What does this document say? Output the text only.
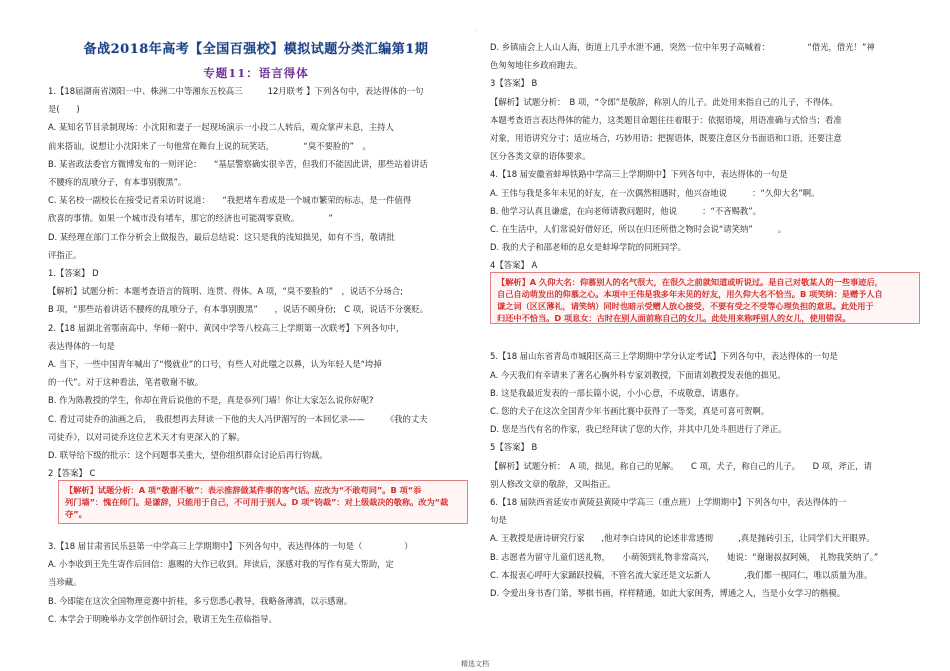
·
备战2018年高考【全国百强校】模拟试题分类汇编第1期
专题11：语言得体
1.【18届湖南省浏阳一中、株洲二中等湘东五校高三　　　12月联考 】下列各句中，表达得体的一句
是(　　)
A. 某知名节目录制现场：小沈阳和妻子一起现场演示一小段二人转后，观众掌声未息，主持人
前来搭讪，说想让小沈阳来了一句他常在舞台上说的玩笑话，　　　　“臭不要脸的”　。
B. 某省政法委官方微博发布的一则评论：　　“基层警察确实很辛苦，但我们不能因此讲，那些站着讲话
不腰疼的乱喷分子，有本事别腹黑”。
C. 某名校一副校长在接受记者采访时说道：　　“我把堵车看成是一个城市繁荣的标志，是一件值得
欣喜的事情。如果一个城市没有堵车，那它的经济也可能凋零衰败。　　　　”
D. 某经理在部门工作分析会上做报告，最后总结说：这只是我的浅知拙见，如有不当，敬请批
评指正。
1.【答案】 D
【解析】试题分析：本题考查语言的简明、连贯、得体。A 项，“臭不要脸的”　，说话不分场合;
B 项，“那些站着讲话不腰疼的乱喷分子，有本事别腹黑”　　，说话不顾身份;　C 项，说话不分褒贬。
2.【18 届湖北省鄂南高中、华师一附中、黄冈中学等八校高三上学期第一次联考】下列各句中，
表达得体的一句是
A. 当下，一些中国青年喊出了“慢就业”的口号，有些人对此嗤之以鼻，认为年轻人是“垮掉
的一代”。对于这种看法，笔者敬谢不敏。
B. 作为陈教授的学生，你却在背后说他的不是，真是忝列门墙！你让大家怎么说你好呢?
C. 看过司徒乔的油画之后，　我很想再去拜读一下他的夫人冯伊湄写的一本回忆录——　　　《我的丈夫
司徒乔》，以对司徒乔这位艺术天才有更深入的了解。
D. 联导给下级的批示：这个问题事关重大，望你组织群众讨论后再行钧裁。
2【答案】 C
3.【18 届甘肃省民乐县第一中学高三上学期期中】下列各句中，表达得体的一句是（　　　　　）
A. 小李收到王先生寄作后回信：惠赐的大作已收到。拜读后，深感对我的写作有莫大帮助，定
当珍藏。
B. 今即能在这次全国物理竞赛中折桂，多亏您悉心教导，我略备薄酒，以示感谢。
C. 本学会于明晚举办文学创作研讨会，敬请王先生莅临指导。
【解析】试题分析：A 项“敬谢不敏”：表示推辞做某件事的客气话。应改为“不敢苟同”。B 项“忝
列门墙”：愧在师门。是谦辞，只能用于自己，不可用于别人。D 项“钧裁”：对上级裁决的敬称。改为“裁
夺”。
D. 乡镇庙会上人山人海，街道上几乎水泄不通，突然一位中年男子高喊着：　　　　　“借光，借光！”神
色匆匆地往乡政府跑去。
3【答案】 B
【解析】试题分析：　B 项，“令郎”是敬辞，称别人的儿子。此处用来指自己的儿子，不得体。
本题考查语言表达得体的能力，这类题目命题往往着眼于：依据语境，用语准确与式恰当；看准
对象，用语讲究分寸；适应场合，巧妙用语；把握语体，既要注意区分书面语和口语，还要注意
区分各类文章的语体要求。
4.【18 届安徽省蚌埠铁路中学高三上学期期中】下列各句中，表达得体的一句是
A. 王伟与我是多年未见的好友，在一次偶然相遇时，他兴奋地说　　　：“久仰大名”啊。
B. 他学习认真且谦虚，在向老师请教问题时，他说　　　：“不吝赐教”。
C. 在生活中，人们常说好借好还，所以在归还所借之物时会说“请笑纳”　　　。
D. 我的犬子和邵老师的息女是蚌埠学院的同班同学。
4【答案】 A
5.【18 届山东省青岛市城阳区高三上学期期中学分认定考试】下列各句中，表达得体的一句是
A. 今天我们有幸请来了著名心胸外科专家刘教授，下面请刘教授发表他的拙见。
B. 这是我最近发表的一部长篇小说，小小心意，不成敬意，请惠存。
C. 您的犬子在这次全国青少年书画比赛中获得了一等奖，真是可喜可贺啊。
D. 您是当代有名的作家，我已经拜读了您的大作，并其中几处斗胆进行了斧正。
5【答案】 B
【解析】试题分析：　A 项，拙见，称自己的见解。　　C 项，犬子，称自己的儿子。　　D 项，斧正，请
别人修改文章的敬辞，又叫指正。
6.【18 届陕西省延安市黄陵县黄陵中学高三（重点班）上学期期中】下列各句中，表达得体的一
句是
A. 王教授是唐诗研究行家　　,他对李白诗风的论述非常透彻　　　,真是抛砖引玉，让同学们大开眼界。
B. 志愿者为留守儿童们送礼物，　　小萌领到礼物非常高兴，　　她说：“谢谢叔叔阿姨，　礼物我笑纳了。”
C. 本报衷心呼吁大家踊跃投稿，不管名流大家还是文坛新人　　　　,我们都一视同仁，唯以质量为准。
D. 令爱出身书香门第，琴棋书画，样样精通，如此大家闺秀，博通之人，当是小女学习的楷模。
【解析】A 久仰大名：仰慕别人的名气很大，在很久之前就知道或听说过。是自己对敬某人的一些事迹后，
自己自动萌发出的仰慕之心。本项中王伟是我多年未见的好友，用久仰大名不恰当。B 项笑纳：是赠予人自
谦之词（区区薄礼，请笑纳）同时也暗示受赠人放心接受，不要有受之不受等心理负担的意思。此处用于
归还中不恰当。D 项息女：古时在别人面前称自己的女儿。此处用来称呼别人的女儿，使用错误。
精选文档
